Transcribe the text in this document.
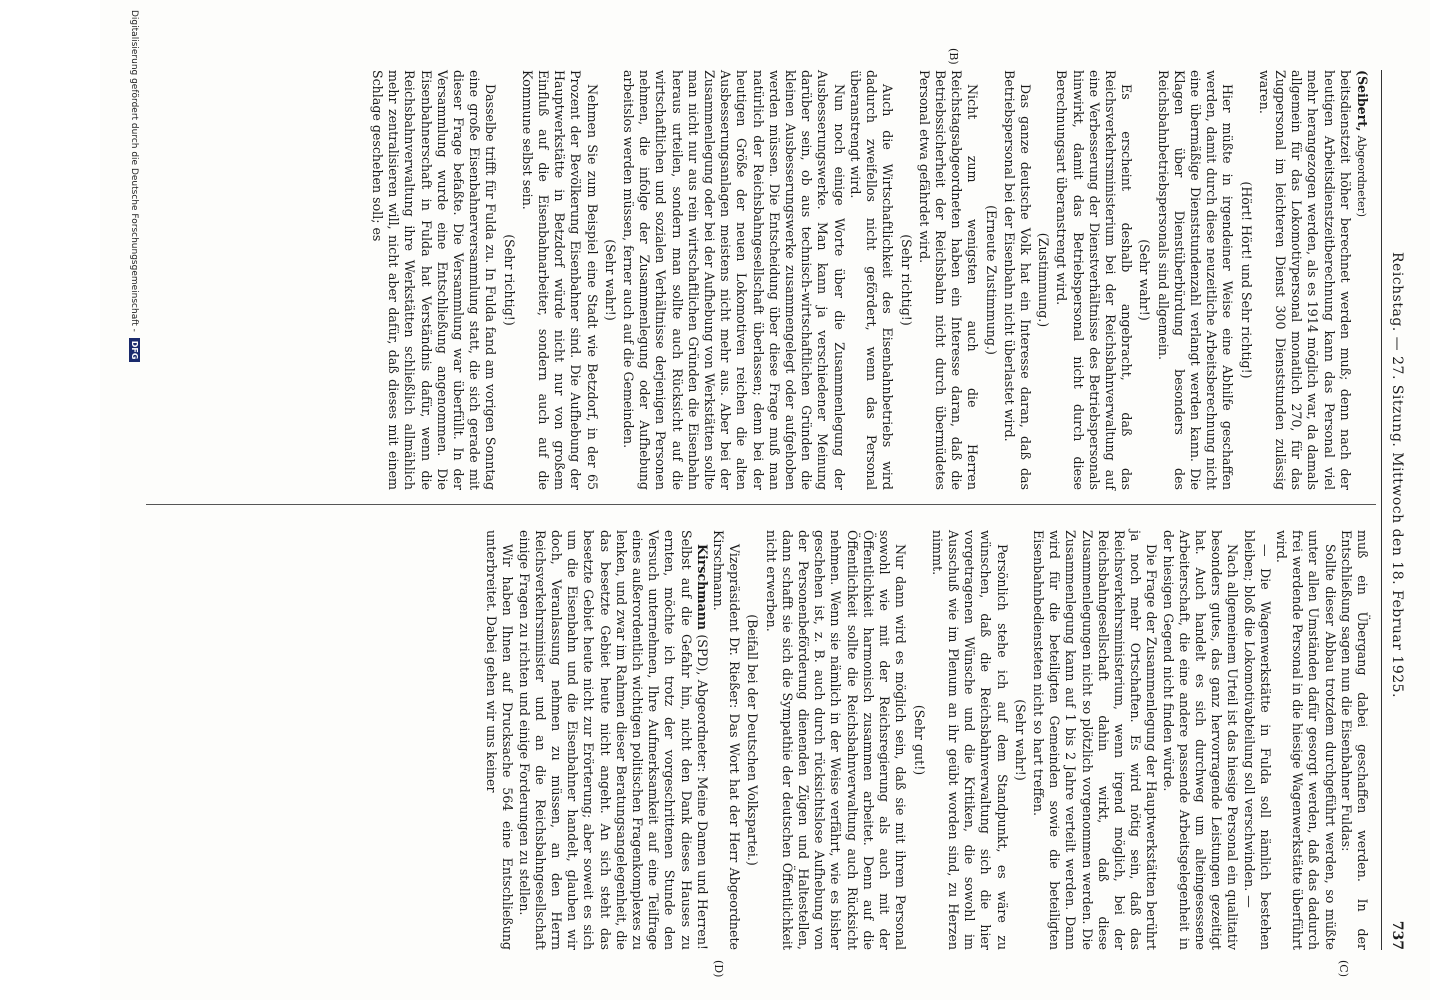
Reichstag. — 27. Sitzung. Mittwoch den 18. Februar 1925.
737
(B)
(C)
(D)

(Seibert, Abgeordneter)

beitsdienstzeit höher berechnet werden muß; denn nach der heutigen Arbeitsdienstzeitberechnung kann das Personal viel mehr herangezogen werden, als es 1914 möglich war, da damals allgemein für das Lokomotivpersonal monatlich 270, für das Zugpersonal im leichteren Dienst 300 Dienststunden zulässig waren.

(Hört! Hört! und Sehr richtig!)

Hier müßte in irgendeiner Weise eine Abhilfe geschaffen werden, damit durch diese neuzeitliche Arbeitsberechnung nicht eine übermäßige Dienststundenzahl verlangt werden kann. Die Klagen über Dienstüberbürdung besonders des Reichsbahnbetriebspersonals sind allgemein.

(Sehr wahr!)

Es erscheint deshalb angebracht, daß das Reichsverkehrsministerium bei der Reichsbahnverwaltung auf eine Verbesserung der Dienstverhältnisse des Betriebspersonals hinwirkt, damit das Betriebspersonal nicht durch diese Berechnungsart überanstrengt wird.

(Zustimmung.)

Das ganze deutsche Volk hat ein Interesse daran, daß das Betriebspersonal bei der Eisenbahn nicht überlastet wird.

(Erneute Zustimmung.)

Nicht zum wenigsten auch die Herren Reichstagsabgeordneten haben ein Interesse daran, daß die Betriebssicherheit der Reichsbahn nicht durch übermüdetes Personal etwa gefährdet wird.

(Sehr richtig!)

Auch die Wirtschaftlichkeit des Eisenbahnbetriebs wird dadurch zweifellos nicht gefördert, wenn das Personal überanstrengt wird.

Nun noch einige Worte über die Zusammenlegung der Ausbesserungswerke. Man kann ja verschiedener Meinung darüber sein, ob aus technisch-wirtschaftlichen Gründen die kleinen Ausbesserungswerke zusammengelegt oder aufgehoben werden müssen. Die Entscheidung über diese Frage muß man natürlich der Reichsbahngesellschaft überlassen; denn bei der heutigen Größe der neuen Lokomotiven reichen die alten Ausbesserungsanlagen meistens nicht mehr aus. Aber bei der Zusammenlegung oder bei der Aufhebung von Werkstätten sollte man nicht nur aus rein wirtschaftlichen Gründen die Eisenbahn heraus urteilen, sondern man sollte auch Rücksicht auf die wirtschaftlichen und sozialen Verhältnisse derjenigen Personen nehmen, die infolge der Zusammenlegung oder Aufhebung arbeitslos werden müssen, ferner auch auf die Gemeinden.

(Sehr wahr!)

Nehmen Sie zum Beispiel eine Stadt wie Betzdorf, in der 65 Prozent der Bevölkerung Eisenbahner sind. Die Aufhebung der Hauptwerkstätte in Betzdorf würde nicht nur von großem Einfluß auf die Eisenbahnarbeiter, sondern auch auf die Kommune selbst sein.

(Sehr richtig!)

Dasselbe trifft für Fulda zu. In Fulda fand am vorigen Sonntag eine große Eisenbahnerversammlung statt, die sich gerade mit dieser Frage befaßte. Die Versammlung war überfüllt. In der Versammlung wurde eine Entschließung angenommen. Die Eisenbahnerschaft in Fulda hat Verständnis dafür, wenn die Reichsbahnverwaltung ihre Werkstätten schließlich allmählich mehr zentralisieren will, nicht aber dafür, daß dieses mit einem Schlage geschehen soll; es

muß ein Übergang dabei geschaffen werden. In der Entschließung sagen nun die Eisenbahner Fuldas:

Sollte dieser Abbau trotzdem durchgeführt werden, so müßte unter allen Umständen dafür gesorgt werden, daß das dadurch frei werdende Personal in die hiesige Wagenwerkstätte überführt wird.

— Die Wagenwerkstätte in Fulda soll nämlich bestehen bleiben; bloß die Lokomotivabteilung soll verschwinden. —

Nach allgemeinem Urteil ist das hiesige Personal ein qualitativ besonders gutes, das ganz hervorragende Leistungen gezeitigt hat. Auch handelt es sich durchweg um alteingesessene Arbeiterschaft, die eine andere passende Arbeitsgelegenheit in der hiesigen Gegend nicht finden würde.

Die Frage der Zusammenlegung der Hauptwerkstätten berührt ja noch mehr Ortschaften. Es wird nötig sein, daß das Reichsverkehrsministerium, wenn irgend möglich, bei der Reichsbahngesellschaft dahin wirkt, daß diese Zusammenlegungen nicht so plötzlich vorgenommen werden. Die Zusammenlegung kann auf 1 bis 2 Jahre verteilt werden. Dann wird für die beteiligten Gemeinden sowie die beteiligten Eisenbahnbediensteten nicht so hart treffen.

(Sehr wahr!)

Persönlich stehe ich auf dem Standpunkt, es wäre zu wünschen, daß die Reichsbahnverwaltung sich die hier vorgetragenen Wünsche und die Kritiken, die sowohl im Ausschuß wie im Plenum an ihr geübt worden sind, zu Herzen nimmt.

(Sehr gut!)

Nur dann wird es möglich sein, daß sie mit ihrem Personal sowohl wie mit der Reichsregierung als auch mit der Öffentlichkeit harmonisch zusammen arbeitet. Denn auf die Öffentlichkeit sollte die Reichsbahnverwaltung auch Rücksicht nehmen. Wenn sie nämlich in der Weise verfährt, wie es bisher geschehen ist, z. B. auch durch rücksichtslose Aufhebung von der Personenbeförderung dienenden Zügen und Haltestellen, dann schafft sie sich die Sympathie der deutschen Öffentlichkeit nicht erwerben.

(Beifall bei der Deutschen Volkspartei.)

Vizepräsident Dr. Rießer: Das Wort hat der Herr Abgeordnete Kirschmann.

Kirschmann (SPD), Abgeordneter: Meine Damen und Herren! Selbst auf die Gefahr hin, nicht den Dank dieses Hauses zu ernten, möchte ich trotz der vorgeschrittenen Stunde den Versuch unternehmen, Ihre Aufmerksamkeit auf eine Teilfrage eines außerordentlich wichtigen politischen Fragenkomplexes zu lenken, und zwar im Rahmen dieser Beratungsangelegenheit, die das besetzte Gebiet heute nicht angeht. An sich steht das besetzte Gebiet heute nicht zur Erörterung; aber soweit es sich um die Eisenbahn und die Eisenbahner handelt, glauben wir doch, Veranlassung nehmen zu müssen, an den Herrn Reichsverkehrsminister und an die Reichsbahngesellschaft einige Fragen zu richten und einige Forderungen zu stellen.

Wir haben Ihnen auf Drucksache 564 eine Entschließung unterbreitet. Dabei gehen wir uns keiner

Digitalisierung gefördert durch die Deutsche Forschungsgemeinschaft - DFG
